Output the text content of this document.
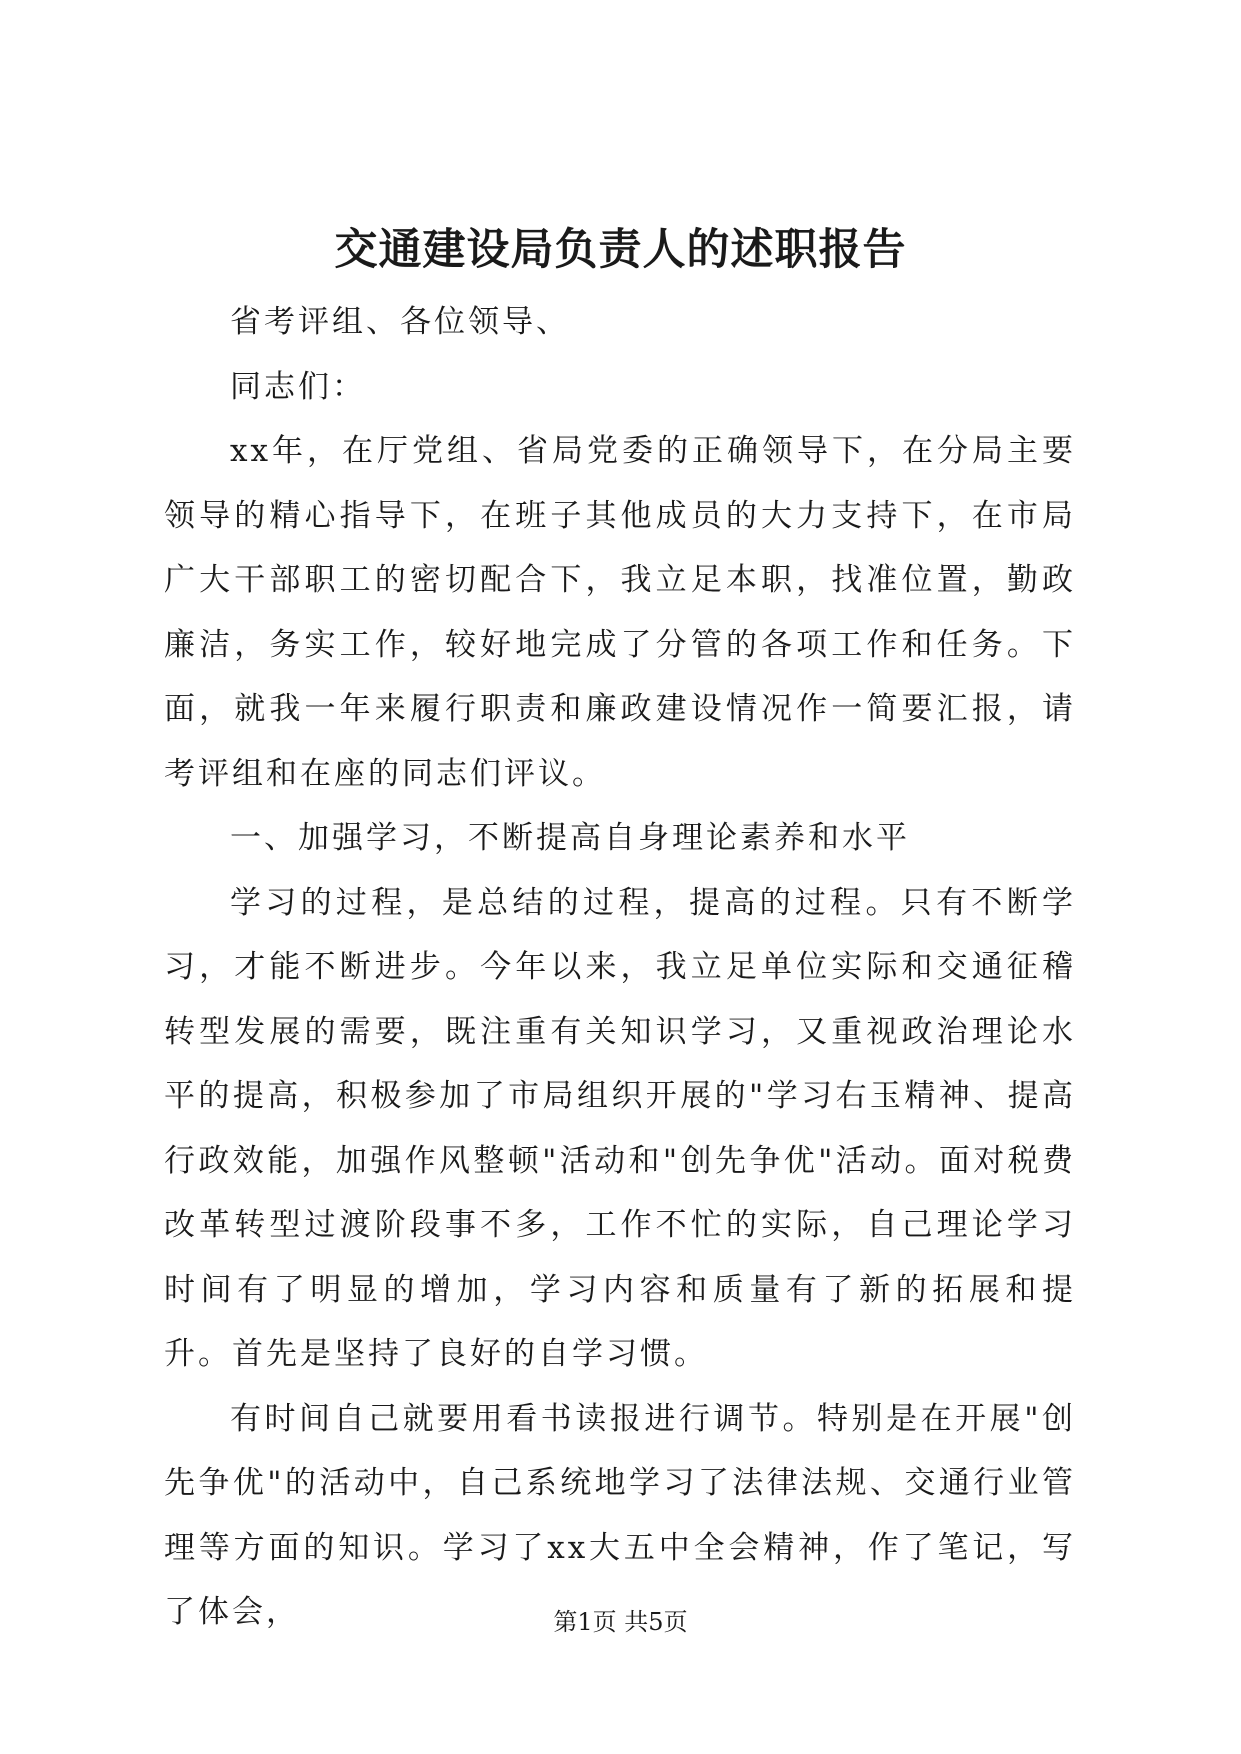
交通建设局负责人的述职报告

省考评组、各位领导、

同志们：

xx年，在厅党组、省局党委的正确领导下，在分局主要领导的精心指导下，在班子其他成员的大力支持下，在市局广大干部职工的密切配合下，我立足本职，找准位置，勤政廉洁，务实工作，较好地完成了分管的各项工作和任务。下面，就我一年来履行职责和廉政建设情况作一简要汇报，请考评组和在座的同志们评议。

一、加强学习，不断提高自身理论素养和水平

学习的过程，是总结的过程，提高的过程。只有不断学习，才能不断进步。今年以来，我立足单位实际和交通征稽转型发展的需要，既注重有关知识学习，又重视政治理论水平的提高，积极参加了市局组织开展的"学习右玉精神、提高行政效能，加强作风整顿"活动和"创先争优"活动。面对税费改革转型过渡阶段事不多，工作不忙的实际，自己理论学习时间有了明显的增加，学习内容和质量有了新的拓展和提升。首先是坚持了良好的自学习惯。

有时间自己就要用看书读报进行调节。特别是在开展"创先争优"的活动中，自己系统地学习了法律法规、交通行业管理等方面的知识。学习了xx大五中全会精神，作了笔记，写了体会，	第1页 共5页
